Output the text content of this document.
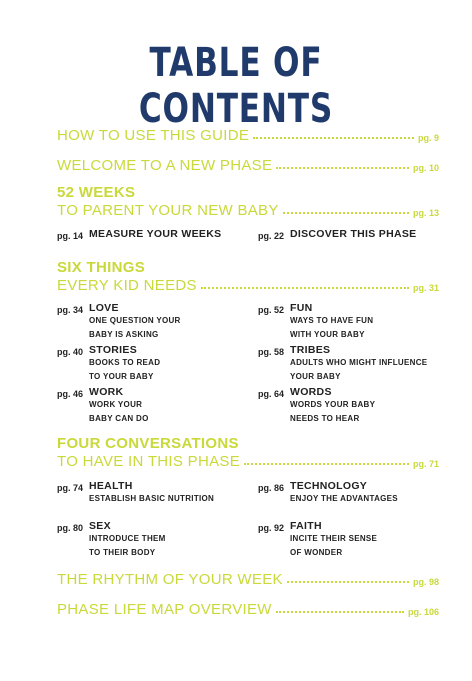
TABLE OF CONTENTS
HOW TO USE THIS GUIDE	pg. 9
WELCOME TO A NEW PHASE	pg. 10
52 WEEKS
TO PARENT YOUR NEW BABY	pg. 13
pg. 14 MEASURE YOUR WEEKS	pg. 22 DISCOVER THIS PHASE
SIX THINGS
EVERY KID NEEDS	pg. 31
pg. 34 LOVE
ONE QUESTION YOUR
BABY IS ASKING
pg. 52 FUN
WAYS TO HAVE FUN
WITH YOUR BABY
pg. 40 STORIES
BOOKS TO READ
TO YOUR BABY
pg. 58 TRIBES
ADULTS WHO MIGHT INFLUENCE
YOUR BABY
pg. 46 WORK
WORK YOUR
BABY CAN DO
pg. 64 WORDS
WORDS YOUR BABY
NEEDS TO HEAR
FOUR CONVERSATIONS
TO HAVE IN THIS PHASE	pg. 71
pg. 74 HEALTH
ESTABLISH BASIC NUTRITION
pg. 86 TECHNOLOGY
ENJOY THE ADVANTAGES
pg. 80 SEX
INTRODUCE THEM
TO THEIR BODY
pg. 92 FAITH
INCITE THEIR SENSE
OF WONDER
THE RHYTHM OF YOUR WEEK	pg. 98
PHASE LIFE MAP OVERVIEW	pg. 106
